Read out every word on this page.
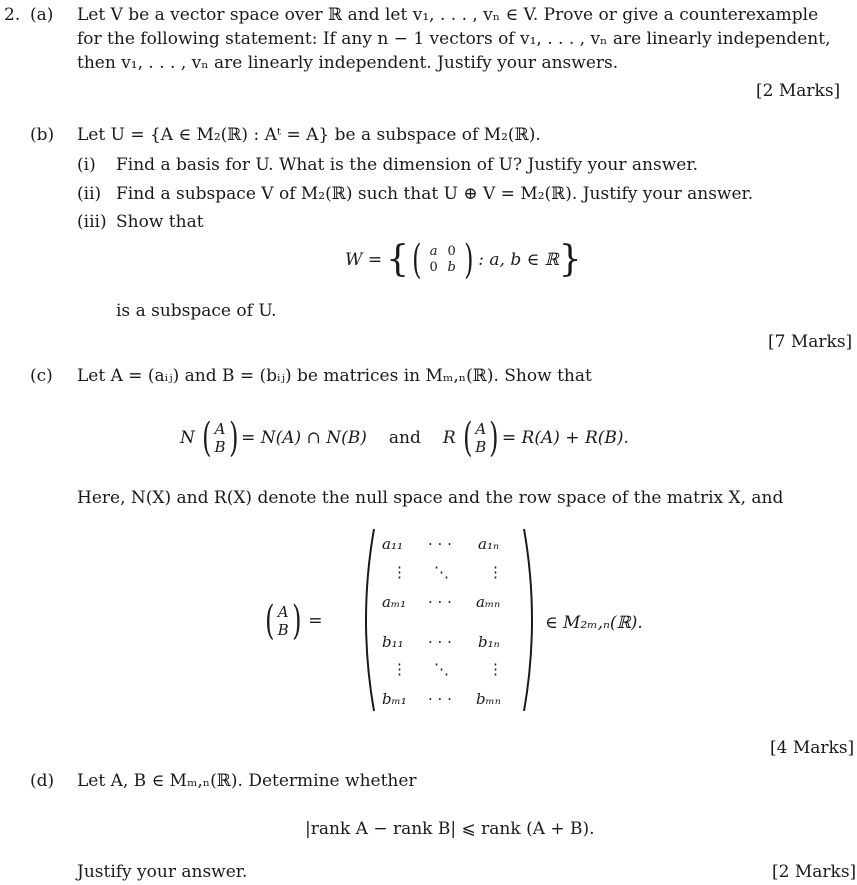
2. (a) Let V be a vector space over ℝ and let v₁, . . . , vₙ ∈ V. Prove or give a counterexample
for the following statement: If any n − 1 vectors of v₁, . . . , vₙ are linearly independent,
then v₁, . . . , vₙ are linearly independent. Justify your answers.
[2 Marks]
(b) Let U = {A ∈ M₂(ℝ) : Aᵗ = A} be a subspace of M₂(ℝ).
(i) Find a basis for U. What is the dimension of U? Justify your answer.
(ii) Find a subspace V of M₂(ℝ) such that U ⊕ V = M₂(ℝ). Justify your answer.
(iii) Show that
W = { ( a 0
0 b ) : a, b ∈ ℝ }
is a subspace of U.
[7 Marks]
(c) Let A = (aᵢⱼ) and B = (bᵢⱼ) be matrices in Mₘ,ₙ(ℝ). Show that
N ( A
B ) = N(A) ∩ N(B) and R ( A
B ) = R(A) + R(B).
Here, N(X) and R(X) denote the null space and the row space of the matrix X, and
( A
B ) =
a₁₁ · · · a₁ₙ
⋮ ⋱	⋮
aₘ₁ · · · aₘₙ
b₁₁ · · · b₁ₙ
⋮ ⋱	⋮
bₘ₁ · · · bₘₙ
∈ M₂ₘ,ₙ(ℝ).
[4 Marks]
(d) Let A, B ∈ Mₘ,ₙ(ℝ). Determine whether
|rank A − rank B| ⩽ rank (A + B).
Justify your answer.	[2 Marks]
